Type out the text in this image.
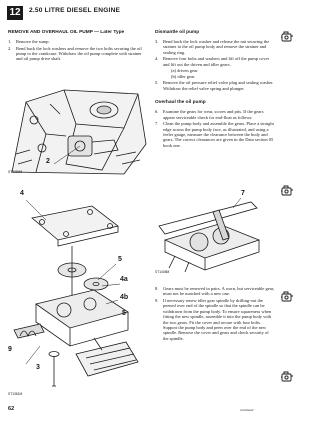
12	2.50 LITRE DIESEL ENGINE
REMOVE AND OVERHAUL OIL PUMP — Later Type
1. Remove the sump.
2. Bend back the lock washers and remove the two bolts securing the oil pump to the crankcase. Withdraw the oil pump complete with strainer and oil pump drive shaft.
2
ST1380M
4
5
4a
4b
5
9
3
ST1381M
62
Dismantle oil pump
3. Bend back the lock washer and release the nut securing the strainer to the oil pump body and remove the strainer and sealing ring.
4. Remove four bolts and washers and lift off the pump cover and lift out the driven and idler gears.
(a) driven gear
(b) idler gear
5. Remove the oil pressure relief valve plug and sealing washer. Withdraw the relief valve spring and plunger.
Overhaul the oil pump
6. Examine the gears for wear, scores and pits. If the gears appear serviceable check for end-float as follows:
7. Clean the pump body and assemble the gears. Place a straight edge across the pump body face, as illustrated, and using a feeler gauge, measure the clearance between the body and gears. The correct clearances are given in the Data section 05 book one.
7
ST1408M
8. Gears must be renewed in pairs. A worn, but serviceable gear, must not be matched with a new one.
9. If necessary renew idler gear spindle by drilling-out the peened over end of the spindle so that the spindle can be withdrawn from the pump body. To ensure squareness when fitting the new spindle, assemble it into the pump body with the two gears. Fit the cover and secure with four bolts. Support the pump body and peen over the end of the new spindle. Remove the cover and gears and check security of the spindle.
continued
